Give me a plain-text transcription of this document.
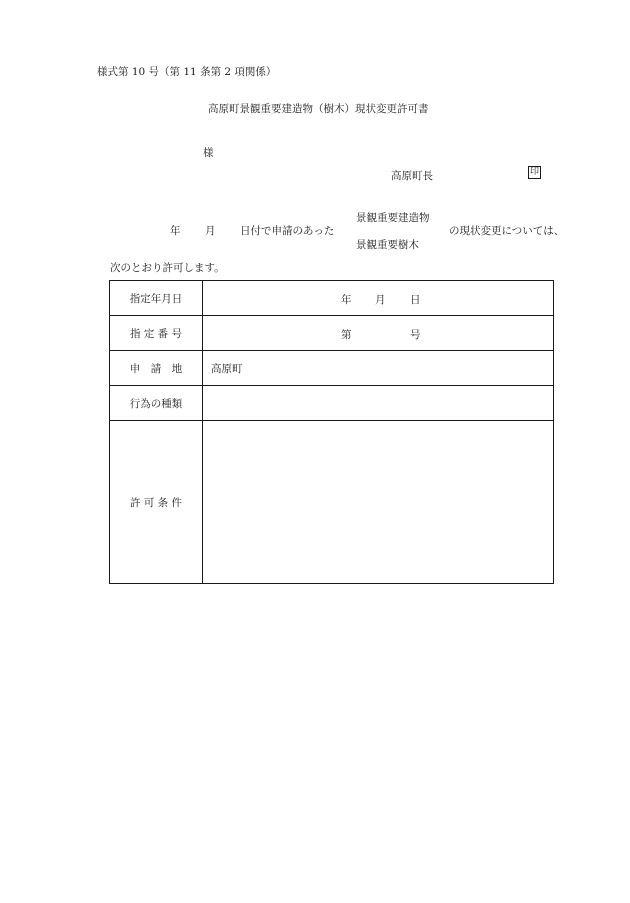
様式第 10 号（第 11 条第 2 項関係）
高原町景観重要建造物（樹木）現状変更許可書
様
高原町長	印
年 月 日付で申請のあった
景観重要建造物
景観重要樹木
の現状変更については、
次のとおり許可します。
指定年月日	年 月 日

指 定 番 号	第 号

申　請　地	高原町
行為の種類	
許 可 条 件	
